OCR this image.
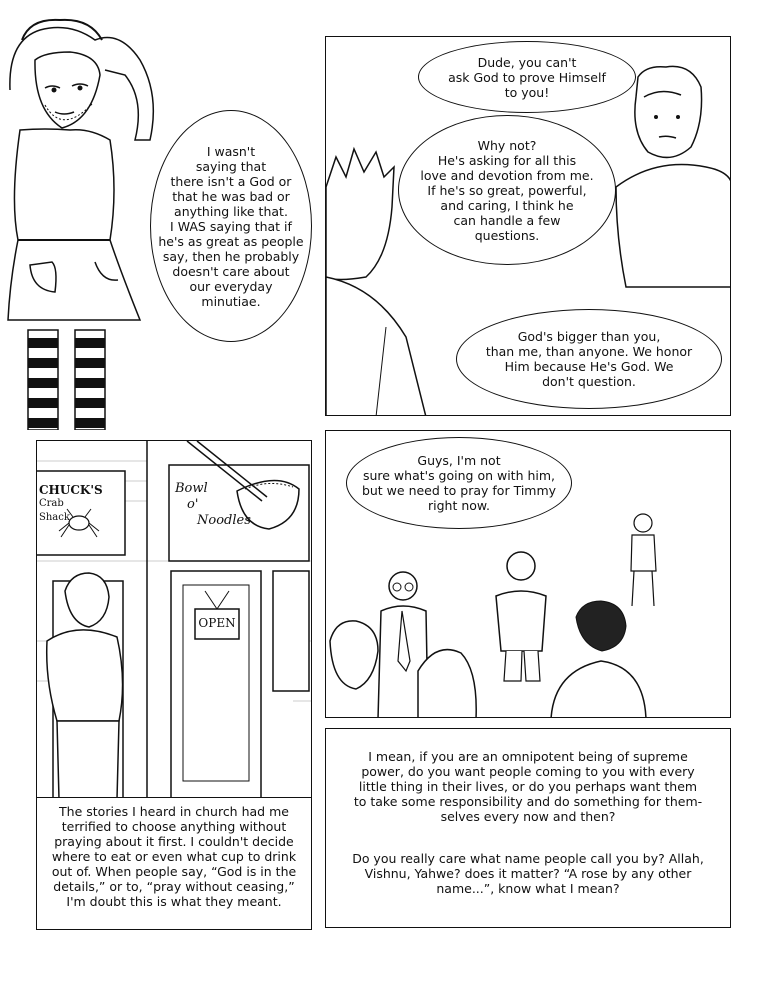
I wasn't
saying that
there isn't a God or
that he was bad or
anything like that.
I WAS saying that if
he's as great as people
say, then he probably
doesn't care about
our everyday
minutiae.
Dude, you can't
ask God to prove Himself
to you!
Why not?
He's asking for all this
love and devotion from me.
If he's so great, powerful,
and caring, I think he
can handle a few
questions.
God's bigger than you,
than me, than anyone. We honor
Him because He's God. We
don't question.
CHUCK'S
Crab
Shack
Bowl
o'
Noodles
OPEN
The stories I heard in church had me
terrified to choose anything without
praying about it first. I couldn't decide
where to eat or even what cup to drink
out of. When people say, “God is in the
details,” or to, “pray without ceasing,”
I'm doubt this is what they meant.
Guys, I'm not
sure what's going on with him,
but we need to pray for Timmy
right now.
I mean, if you are an omnipotent being of supreme
power, do you want people coming to you with every
little thing in their lives, or do you perhaps want them
to take some responsibility and do something for them-
selves every now and then?
Do you really care what name people call you by? Allah,
Vishnu, Yahwe? does it matter? “A rose by any other
name...”, know what I mean?
